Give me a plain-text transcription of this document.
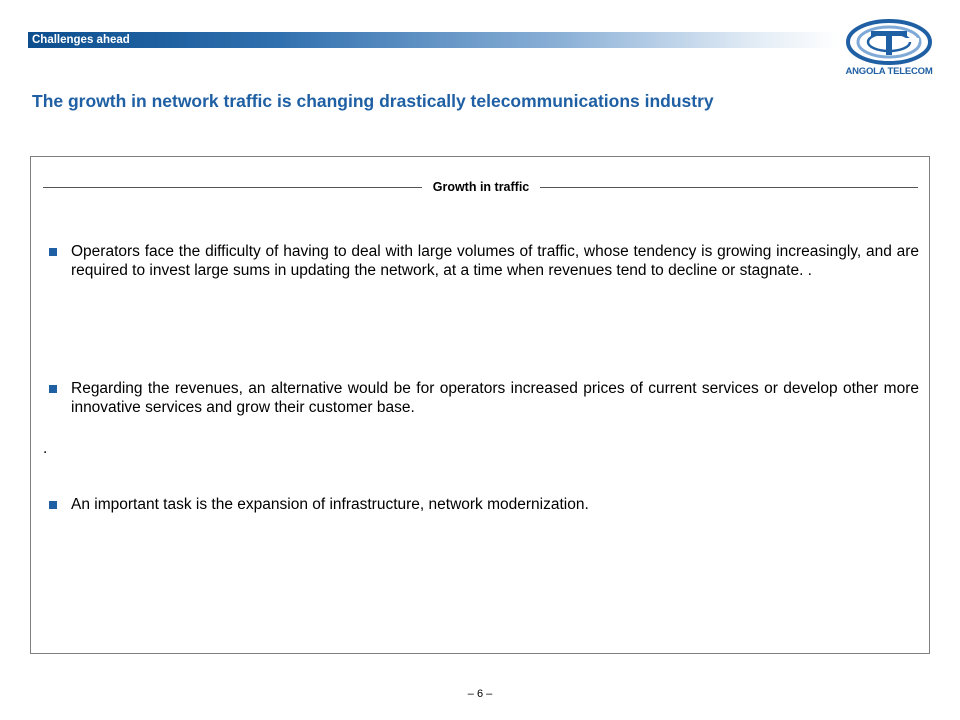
Challenges ahead
ANGOLA TELECOM
The growth in network traffic is changing drastically telecommunications industry
Growth in traffic
Operators face the difficulty of having to deal with large volumes of traffic, whose tendency is growing increasingly, and are required to invest large sums in updating the network, at a time when revenues tend to decline or stagnate. .
Regarding the revenues, an alternative would be for operators increased prices of current services or develop other more innovative services and grow their customer base.
.
An important task is the expansion of infrastructure, network modernization.
– 6 –
